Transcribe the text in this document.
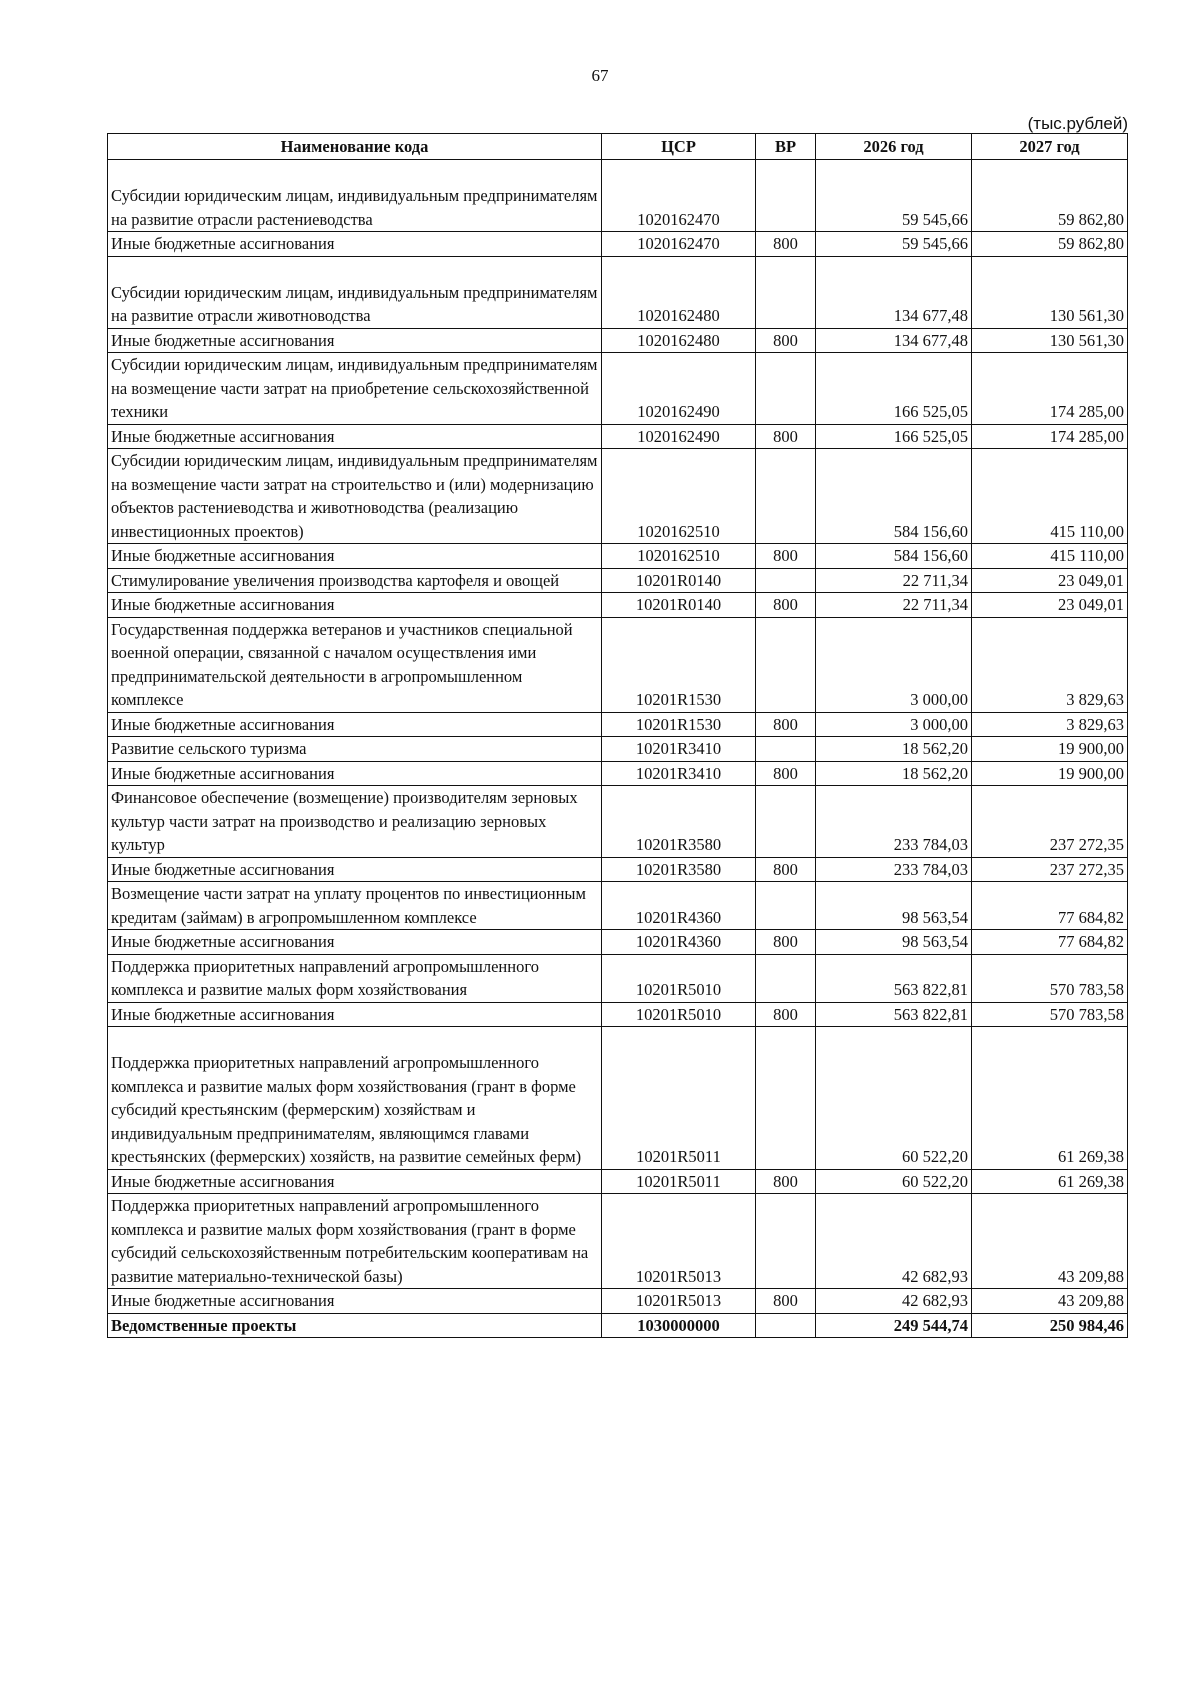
67
(тыс.рублей)
Наименование кода	ЦСР	ВР	2026 год	2027 год
Субсидии юридическим лицам, индивидуальным предпринимателям на развитие отрасли растениеводства	1020162470		59 545,66	59 862,80
Иные бюджетные ассигнования	1020162470	800	59 545,66	59 862,80
Субсидии юридическим лицам, индивидуальным предпринимателям на развитие отрасли животноводства	1020162480		134 677,48	130 561,30
Иные бюджетные ассигнования	1020162480	800	134 677,48	130 561,30
Субсидии юридическим лицам, индивидуальным предпринимателям на возмещение части затрат на приобретение сельскохозяйственной техники	1020162490		166 525,05	174 285,00
Иные бюджетные ассигнования	1020162490	800	166 525,05	174 285,00
Субсидии юридическим лицам, индивидуальным предпринимателям на возмещение части затрат на строительство и (или) модернизацию объектов растениеводства и животноводства (реализацию инвестиционных проектов)	1020162510		584 156,60	415 110,00
Иные бюджетные ассигнования	1020162510	800	584 156,60	415 110,00
Стимулирование увеличения производства картофеля и овощей	10201R0140		22 711,34	23 049,01
Иные бюджетные ассигнования	10201R0140	800	22 711,34	23 049,01
Государственная поддержка ветеранов и участников специальной военной операции, связанной с началом осуществления ими предпринимательской деятельности в агропромышленном комплексе	10201R1530		3 000,00	3 829,63
Иные бюджетные ассигнования	10201R1530	800	3 000,00	3 829,63
Развитие сельского туризма	10201R3410		18 562,20	19 900,00
Иные бюджетные ассигнования	10201R3410	800	18 562,20	19 900,00
Финансовое обеспечение (возмещение) производителям зерновых культур части затрат на производство и реализацию зерновых культур	10201R3580		233 784,03	237 272,35
Иные бюджетные ассигнования	10201R3580	800	233 784,03	237 272,35
Возмещение части затрат на уплату процентов по инвестиционным кредитам (займам) в агропромышленном комплексе	10201R4360		98 563,54	77 684,82
Иные бюджетные ассигнования	10201R4360	800	98 563,54	77 684,82
Поддержка приоритетных направлений агропромышленного комплекса и развитие малых форм хозяйствования	10201R5010		563 822,81	570 783,58
Иные бюджетные ассигнования	10201R5010	800	563 822,81	570 783,58
Поддержка приоритетных направлений агропромышленного комплекса и развитие малых форм хозяйствования (грант в форме субсидий крестьянским (фермерским) хозяйствам и индивидуальным предпринимателям, являющимся главами крестьянских (фермерских) хозяйств, на развитие семейных ферм)	10201R5011		60 522,20	61 269,38
Иные бюджетные ассигнования	10201R5011	800	60 522,20	61 269,38
Поддержка приоритетных направлений агропромышленного комплекса и развитие малых форм хозяйствования (грант в форме субсидий сельскохозяйственным потребительским кооперативам на развитие материально-технической базы)	10201R5013		42 682,93	43 209,88
Иные бюджетные ассигнования	10201R5013	800	42 682,93	43 209,88
Ведомственные проекты	1030000000		249 544,74	250 984,46
